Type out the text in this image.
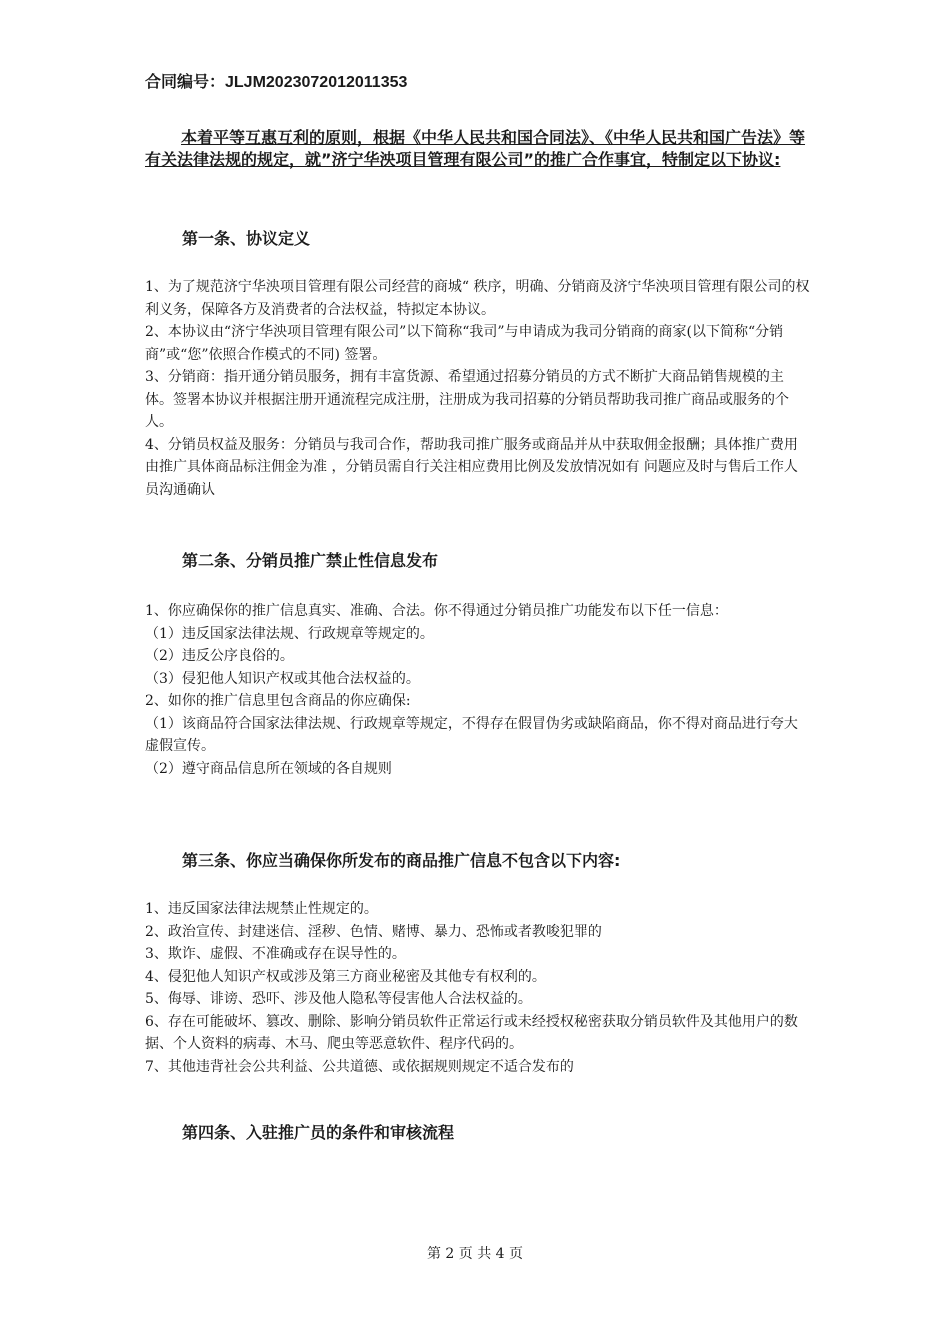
合同编号：JLJM2023072012011353

本着平等互惠互利的原则，根据《中华人民共和国合同法》、《中华人民共和国广告法》等有关法律法规的规定，就”济宁华泱项目管理有限公司”的推广合作事宜，特制定以下协议:

第一条、协议定义

1、为了规范济宁华泱项目管理有限公司经营的商城“ 秩序，明确、分销商及济宁华泱项目管理有限公司的权利义务，保障各方及消费者的合法权益，特拟定本协议。

2、本协议由“济宁华泱项目管理有限公司”以下简称“我司”与申请成为我司分销商的商家(以下简称“分销商”或“您”依照合作模式的不同) 签署。

3、分销商：指开通分销员服务，拥有丰富货源、希望通过招募分销员的方式不断扩大商品销售规模的主体。签署本协议并根据注册开通流程完成注册，注册成为我司招募的分销员帮助我司推广商品或服务的个人。

4、分销员权益及服务：分销员与我司合作，帮助我司推广服务或商品并从中获取佣金报酬；具体推广费用由推广具体商品标注佣金为准 ，分销员需自行关注相应费用比例及发放情况如有 问题应及时与售后工作人员沟通确认

第二条、分销员推广禁止性信息发布

1、你应确保你的推广信息真实、准确、合法。你不得通过分销员推广功能发布以下任一信息：

（1）违反国家法律法规、行政规章等规定的。

（2）违反公序良俗的。

（3）侵犯他人知识产权或其他合法权益的。

2、如你的推广信息里包含商品的你应确保:

（1）该商品符合国家法律法规、行政规章等规定，不得存在假冒伪劣或缺陷商品，你不得对商品进行夸大虚假宣传。

（2）遵守商品信息所在领域的各自规则

第三条、你应当确保你所发布的商品推广信息不包含以下内容:

1、违反国家法律法规禁止性规定的。

2、政治宣传、封建迷信、淫秽、色情、赌博、暴力、恐怖或者教唆犯罪的

3、欺诈、虚假、不准确或存在误导性的。

4、侵犯他人知识产权或涉及第三方商业秘密及其他专有权利的。

5、侮辱、诽谤、恐吓、涉及他人隐私等侵害他人合法权益的。

6、存在可能破坏、篡改、删除、影响分销员软件正常运行或未经授权秘密获取分销员软件及其他用户的数据、个人资料的病毒、木马、爬虫等恶意软件、程序代码的。

7、其他违背社会公共利益、公共道德、或依据规则规定不适合发布的

第四条、入驻推广员的条件和审核流程
第 2 页 共 4 页
